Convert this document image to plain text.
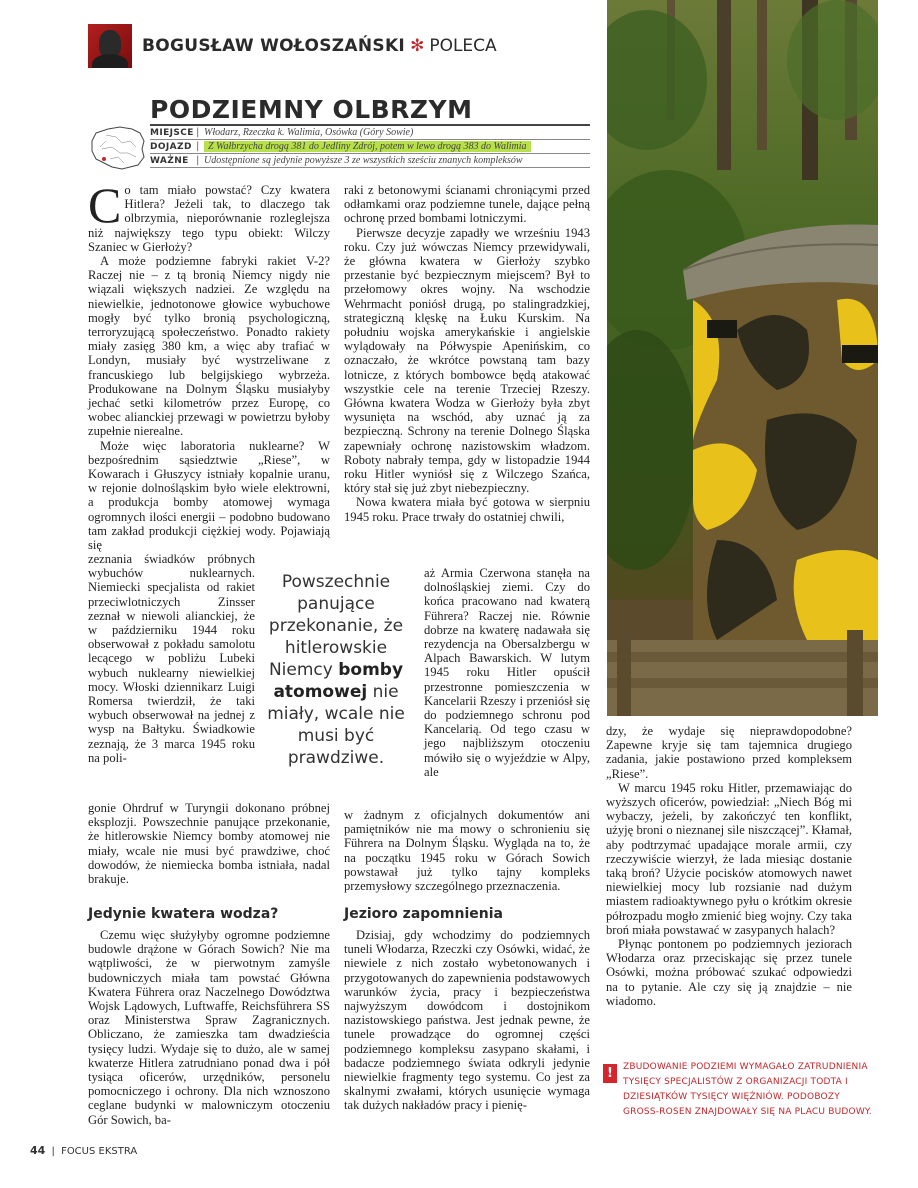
BOGUSŁAW WOŁOSZAŃSKI ✻ POLECA
PODZIEMNY OLBRZYM
MIEJSCE | Włodarz, Rzeczka k. Walimia, Osówka (Góry Sowie)
DOJAZD | Z Wałbrzycha drogą 381 do Jedliny Zdrój, potem w lewo drogą 383 do Walimia
WAŻNE | Udostępnione są jedynie powyższe 3 ze wszystkich sześciu znanych kompleksów

Co tam miało powstać? Czy kwatera Hitlera? Jeżeli tak, to dlaczego tak olbrzymia, nieporównanie rozleglejsza niż największy tego typu obiekt: Wilczy Szaniec w Gierłoży?

A może podziemne fabryki rakiet V-2? Raczej nie – z tą bronią Niemcy nigdy nie wiązali większych nadziei. Ze względu na niewielkie, jednotonowe głowice wybuchowe mogły być tylko bronią psychologiczną, terroryzującą społeczeństwo. Ponadto rakiety miały zasięg 380 km, a więc aby trafiać w Londyn, musiały być wystrzeliwane z francuskiego lub belgijskiego wybrzeża. Produkowane na Dolnym Śląsku musiałyby jechać setki kilometrów przez Europę, co wobec alianckiej przewagi w powietrzu byłoby zupełnie nierealne.

Może więc laboratoria nuklearne? W bezpośrednim sąsiedztwie „Riese”, w Kowarach i Głuszycy istniały kopalnie uranu, w rejonie dolnośląskim było wiele elektrowni, a produkcja bomby atomowej wymaga ogromnych ilości energii – podobno budowano tam zakład produkcji ciężkiej wody. Pojawiają się

zeznania świadków próbnych wybuchów nuklearnych. Niemiecki specjalista od rakiet przeciwlotniczych Zinsser zeznał w niewoli alianckiej, że w październiku 1944 roku obserwował z pokładu samolotu lecącego w pobliżu Lubeki wybuch nuklearny niewielkiej mocy. Włoski dziennikarz Luigi Romersa twierdził, że taki wybuch obserwował na jednej z wysp na Bałtyku. Świadkowie zeznają, że 3 marca 1945 roku na poli-

gonie Ohrdruf w Turyngii dokonano próbnej eksplozji. Powszechnie panujące przekonanie, że hitlerowskie Niemcy bomby atomowej nie miały, wcale nie musi być prawdziwe, choć dowodów, że niemiecka bomba istniała, nadal brakuje.

Jedynie kwatera wodza?

Czemu więc służyłyby ogromne podziemne budowle drążone w Górach Sowich? Nie ma wątpliwości, że w pierwotnym zamyśle budowniczych miała tam powstać Główna Kwatera Führera oraz Naczelnego Dowództwa Wojsk Lądowych, Luftwaffe, Reichsführera SS oraz Ministerstwa Spraw Zagranicznych. Obliczano, że zamieszka tam dwadzieścia tysięcy ludzi. Wydaje się to dużo, ale w samej kwaterze Hitlera zatrudniano ponad dwa i pół tysiąca oficerów, urzędników, personelu pomocniczego i ochrony. Dla nich wznoszono ceglane budynki w malowniczym otoczeniu Gór Sowich, ba-

Powszechnie panujące przekonanie, że hitlerowskie Niemcy bomby atomowej nie miały, wcale nie musi być prawdziwe.

raki z betonowymi ścianami chroniącymi przed odłamkami oraz podziemne tunele, dające pełną ochronę przed bombami lotniczymi.

Pierwsze decyzje zapadły we wrześniu 1943 roku. Czy już wówczas Niemcy przewidywali, że główna kwatera w Gierłoży szybko przestanie być bezpiecznym miejscem? Był to przełomowy okres wojny. Na wschodzie Wehrmacht poniósł drugą, po stalingradzkiej, strategiczną klęskę na Łuku Kurskim. Na południu wojska amerykańskie i angielskie wylądowały na Półwyspie Apenińskim, co oznaczało, że wkrótce powstaną tam bazy lotnicze, z których bombowce będą atakować wszystkie cele na terenie Trzeciej Rzeszy. Główna kwatera Wodza w Gierłoży była zbyt wysunięta na wschód, aby uznać ją za bezpieczną. Schrony na terenie Dolnego Śląska zapewniały ochronę nazistowskim władzom. Roboty nabrały tempa, gdy w listopadzie 1944 roku Hitler wyniósł się z Wilczego Szańca, który stał się już zbyt niebezpieczny.

Nowa kwatera miała być gotowa w sierpniu 1945 roku. Prace trwały do ostatniej chwili,

aż Armia Czerwona stanęła na dolnośląskiej ziemi. Czy do końca pracowano nad kwaterą Führera? Raczej nie. Równie dobrze na kwaterę nadawała się rezydencja na Obersalzbergu w Alpach Bawarskich. W lutym 1945 roku Hitler opuścił przestronne pomieszczenia w Kancelarii Rzeszy i przeniósł się do podziemnego schronu pod Kancelarią. Od tego czasu w jego najbliższym otoczeniu mówiło się o wyjeździe w Alpy, ale

w żadnym z oficjalnych dokumentów ani pamiętników nie ma mowy o schronieniu się Führera na Dolnym Śląsku. Wygląda na to, że na początku 1945 roku w Górach Sowich powstawał już tylko tajny kompleks przemysłowy szczególnego przeznaczenia.

Jezioro zapomnienia

Dzisiaj, gdy wchodzimy do podziemnych tuneli Włodarza, Rzeczki czy Osówki, widać, że niewiele z nich zostało wybetonowanych i przygotowanych do zapewnienia podstawowych warunków życia, pracy i bezpieczeństwa najwyższym dowódcom i dostojnikom nazistowskiego państwa. Jest jednak pewne, że tunele prowadzące do ogromnej części podziemnego kompleksu zasypano skałami, i badacze podziemnego świata odkryli jedynie niewielkie fragmenty tego systemu. Co jest za skalnymi zwałami, których usunięcie wymaga tak dużych nakładów pracy i pienię-

dzy, że wydaje się nieprawdopodobne? Zapewne kryje się tam tajemnica drugiego zadania, jakie postawiono przed kompleksem „Riese”.

W marcu 1945 roku Hitler, przemawiając do wyższych oficerów, powiedział: „Niech Bóg mi wybaczy, jeżeli, by zakończyć ten konflikt, użyję broni o nieznanej sile niszczącej”. Kłamał, aby podtrzymać upadające morale armii, czy rzeczywiście wierzył, że lada miesiąc dostanie taką broń? Użycie pocisków atomowych nawet niewielkiej mocy lub rozsianie nad dużym miastem radioaktywnego pyłu o krótkim okresie półrozpadu mogło zmienić bieg wojny. Czy taka broń miała powstawać w zasypanych halach?

Płynąc pontonem po podziemnych jeziorach Włodarza oraz przeciskając się przez tunele Osówki, można próbować szukać odpowiedzi na to pytanie. Ale czy się ją znajdzie – nie wiadomo.

!	ZBUDOWANIE PODZIEMI WYMAGAŁO ZATRUDNIENIA TYSIĘCY SPECJALISTÓW Z ORGANIZACJI TODTA I DZIESIĄTKÓW TYSIĘCY WIĘŹNIÓW. PODOBOZY GROSS-ROSEN ZNAJDOWAŁY SIĘ NA PLACU BUDOWY.
44 | FOCUS EKSTRA
